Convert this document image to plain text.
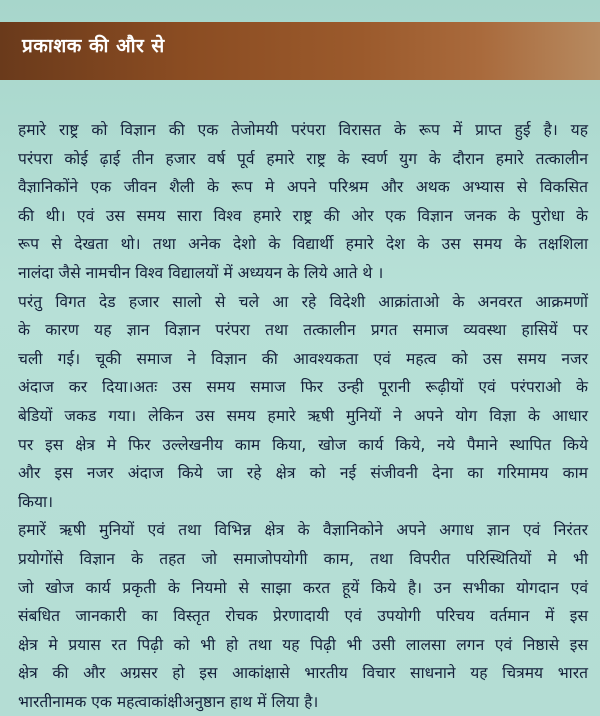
प्रकाशक की और से
हमारे राष्ट्र को विज्ञान की एक तेजोमयी परंपरा विरासत के रूप में प्राप्त हुई है। यह
परंपरा कोई ढ़ाई तीन हजार वर्ष पूर्व हमारे राष्ट्र के स्वर्ण युग के दौरान हमारे तत्कालीन
वैज्ञानिकोंने एक जीवन शैली के रूप मे अपने परिश्रम और अथक अभ्यास से विकसित
की थी। एवं उस समय सारा विश्व हमारे राष्ट्र की ओर एक विज्ञान जनक के पुरोधा के
रूप से देखता थो। तथा अनेक देशो के विद्यार्थी हमारे देश के उस समय के तक्षशिला
नालंदा जैसे नामचीन विश्व विद्यालयों में अध्ययन के लिये आते थे ।
परंतु विगत देड हजार सालो से चले आ रहे विदेशी आक्रांताओ के अनवरत आक्रमणों
के कारण यह ज्ञान विज्ञान परंपरा तथा तत्कालीन प्रगत समाज व्यवस्था हासियें पर
चली गई। चूकी समाज ने विज्ञान की आवश्यकता एवं महत्व को उस समय नजर
अंदाज कर दिया।अतः उस समय समाज फिर उन्ही पूरानी रूढ़ीयों एवं परंपराओ के
बेडियों जकड गया। लेकिन उस समय हमारे ऋषी मुनियों ने अपने योग विज्ञा के आधार
पर इस क्षेत्र मे फिर उल्लेखनीय काम किया, खोज कार्य किये, नये पैमाने स्थापित किये
और इस नजर अंदाज किये जा रहे क्षेत्र को नई संजीवनी देना का गरिमामय काम
किया।
हमारें ऋषी मुनियों एवं तथा विभिन्न क्षेत्र के वैज्ञानिकोने अपने अगाध ज्ञान एवं निरंतर
प्रयोगोंसे विज्ञान के तहत जो समाजोपयोगी काम, तथा विपरीत परिस्थितियों मे भी
जो खोज कार्य प्रकृती के नियमो से साझा करत हूयें किये है। उन सभीका योगदान एवं
संबधित जानकारी का विस्तृत रोचक प्रेरणादायी एवं उपयोगी परिचय वर्तमान में इस
क्षेत्र मे प्रयास रत पिढ़ी को भी हो तथा यह पिढ़ी भी उसी लालसा लगन एवं निष्ठासे इस
क्षेत्र की और अग्रसर हो इस आकांक्षासे भारतीय विचार साधनाने यह चित्रमय भारत
भारतीनामक एक महत्वाकांक्षीअनुष्ठान हाथ में लिया है।
